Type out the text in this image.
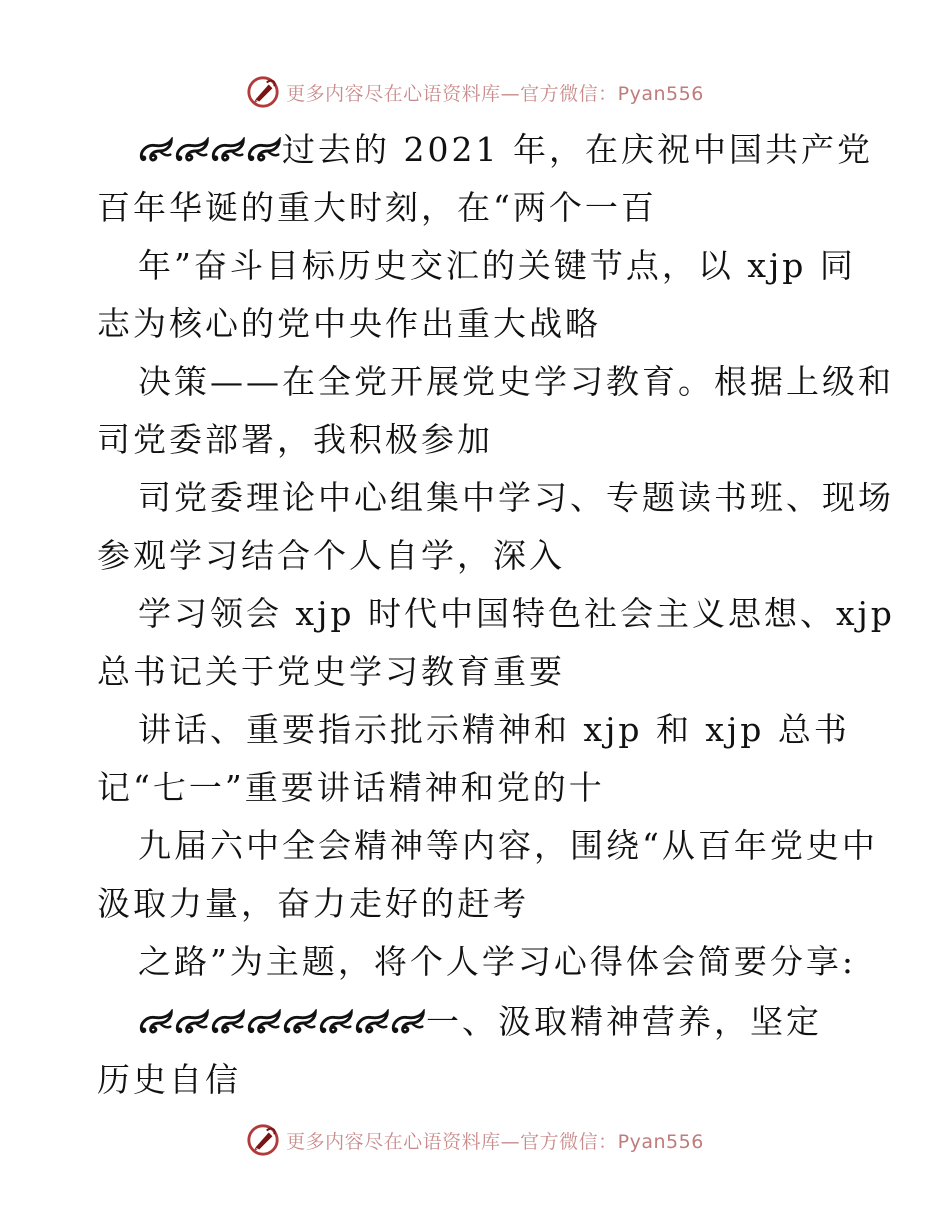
更多内容尽在心语资料库—官方微信：Pyan556
过去的 2021 年，在庆祝中国共产党
百年华诞的重大时刻，在“两个一百
年”奋斗目标历史交汇的关键节点，以 xjp 同
志为核心的党中央作出重大战略
决策——在全党开展党史学习教育。根据上级和
司党委部署，我积极参加
司党委理论中心组集中学习、专题读书班、现场
参观学习结合个人自学，深入
学习领会 xjp 时代中国特色社会主义思想、xjp
总书记关于党史学习教育重要
讲话、重要指示批示精神和 xjp 和 xjp 总书
记“七一”重要讲话精神和党的十
九届六中全会精神等内容，围绕“从百年党史中
汲取力量，奋力走好的赶考
之路”为主题，将个人学习心得体会简要分享:
一、汲取精神营养，坚定
历史自信
更多内容尽在心语资料库—官方微信：Pyan556
